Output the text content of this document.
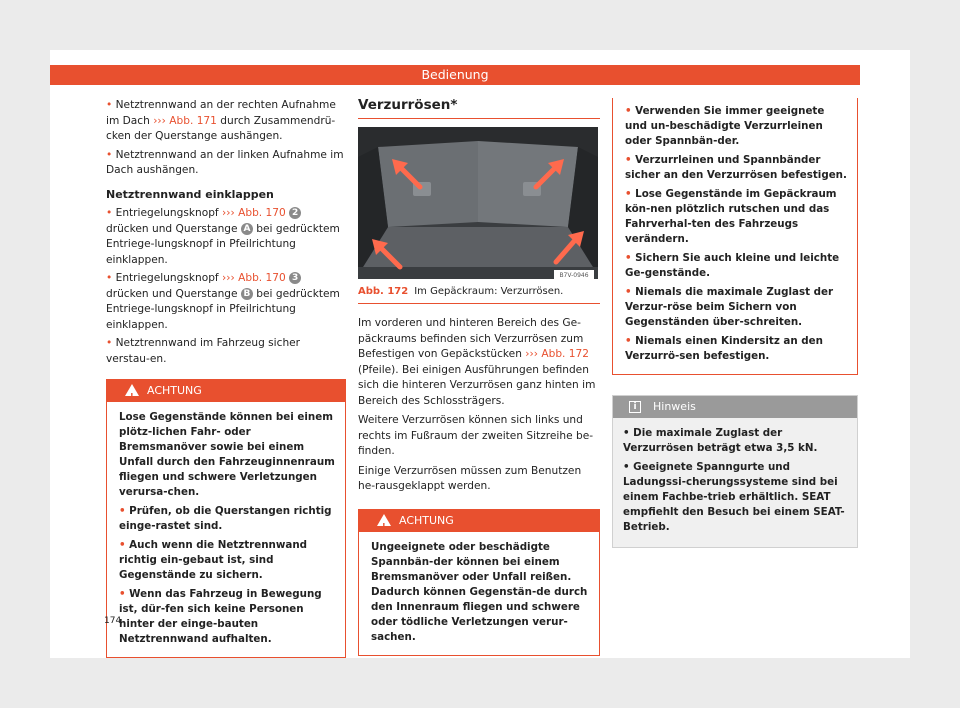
Bedienung

• Netztrennwand an der rechten Aufnahme im Dach ››› Abb. 171 durch Zusammendrü-cken der Querstange aushängen.

• Netztrennwand an der linken Aufnahme im Dach aushängen.

Netztrennwand einklappen

• Entriegelungsknopf ››› Abb. 170 2 drücken und Querstange A bei gedrücktem Entriege-lungsknopf in Pfeilrichtung einklappen.

• Entriegelungsknopf ››› Abb. 170 3 drücken und Querstange B bei gedrücktem Entriege-lungsknopf in Pfeilrichtung einklappen.

• Netztrennwand im Fahrzeug sicher verstau-en.

!
ACHTUNG

Lose Gegenstände können bei einem plötz-lichen Fahr- oder Bremsmanöver sowie bei einem Unfall durch den Fahrzeuginnenraum fliegen und schwere Verletzungen verursa-chen.

• Prüfen, ob die Querstangen richtig einge-rastet sind.

• Auch wenn die Netztrennwand richtig ein-gebaut ist, sind Gegenstände zu sichern.

• Wenn das Fahrzeug in Bewegung ist, dür-fen sich keine Personen hinter der einge-bauten Netztrennwand aufhalten.

Verzurrösen*
B7V-0946
Abb. 172 Im Gepäckraum: Verzurrösen.

Im vorderen und hinteren Bereich des Ge-päckraums befinden sich Verzurrösen zum Befestigen von Gepäckstücken ››› Abb. 172 (Pfeile). Bei einigen Ausführungen befinden sich die hinteren Verzurrösen ganz hinten im Bereich des Schlossträgers.

Weitere Verzurrösen können sich links und rechts im Fußraum der zweiten Sitzreihe be-finden.

Einige Verzurrösen müssen zum Benutzen he-rausgeklappt werden.

!
ACHTUNG

Ungeeignete oder beschädigte Spannbän-der können bei einem Bremsmanöver oder Unfall reißen. Dadurch können Gegenstän-de durch den Innenraum fliegen und schwere oder tödliche Verletzungen verur-sachen.

• Verwenden Sie immer geeignete und un-beschädigte Verzurrleinen oder Spannbän-der.

• Verzurrleinen und Spannbänder sicher an den Verzurrösen befestigen.

• Lose Gegenstände im Gepäckraum kön-nen plötzlich rutschen und das Fahrverhal-ten des Fahrzeugs verändern.

• Sichern Sie auch kleine und leichte Ge-genstände.

• Niemals die maximale Zuglast der Verzur-röse beim Sichern von Gegenständen über-schreiten.

• Niemals einen Kindersitz an den Verzurrö-sen befestigen.

i	Hinweis

• Die maximale Zuglast der Verzurrösen beträgt etwa 3,5 kN.

• Geeignete Spanngurte und Ladungssi-cherungssysteme sind bei einem Fachbe-trieb erhältlich. SEAT empfiehlt den Besuch bei einem SEAT-Betrieb.

174
